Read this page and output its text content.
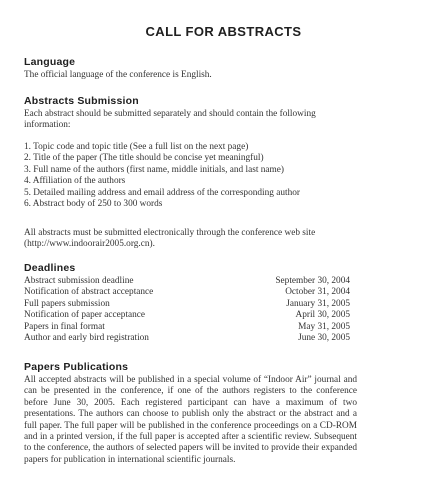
CALL FOR ABSTRACTS
Language

The official language of the conference is English.

Abstracts Submission

Each abstract should be submitted separately and should contain the following information:

1. Topic code and topic title (See a full list on the next page)
2. Title of the paper (The title should be concise yet meaningful)
3. Full name of the authors (first name, middle initials, and last name)
4. Affiliation of the authors
5. Detailed mailing address and email address of the corresponding author
6. Abstract body of 250 to 300 words

All abstracts must be submitted electronically through the conference web site (http://www.indoorair2005.org.cn).

Deadlines
Abstract submission deadline	September 30, 2004
Notification of abstract acceptance	October 31, 2004
Full papers submission	January 31, 2005
Notification of paper acceptance	April 30, 2005
Papers in final format	May 31, 2005
Author and early bird registration	June 30, 2005
Papers Publications

All accepted abstracts will be published in a special volume of “Indoor Air” journal and can be presented in the conference, if one of the authors registers to the conference before June 30, 2005. Each registered participant can have a maximum of two presentations. The authors can choose to publish only the abstract or the abstract and a full paper. The full paper will be published in the conference proceedings on a CD-ROM and in a printed version, if the full paper is accepted after a scientific review. Subsequent to the conference, the authors of selected papers will be invited to provide their expanded papers for publication in international scientific journals.
